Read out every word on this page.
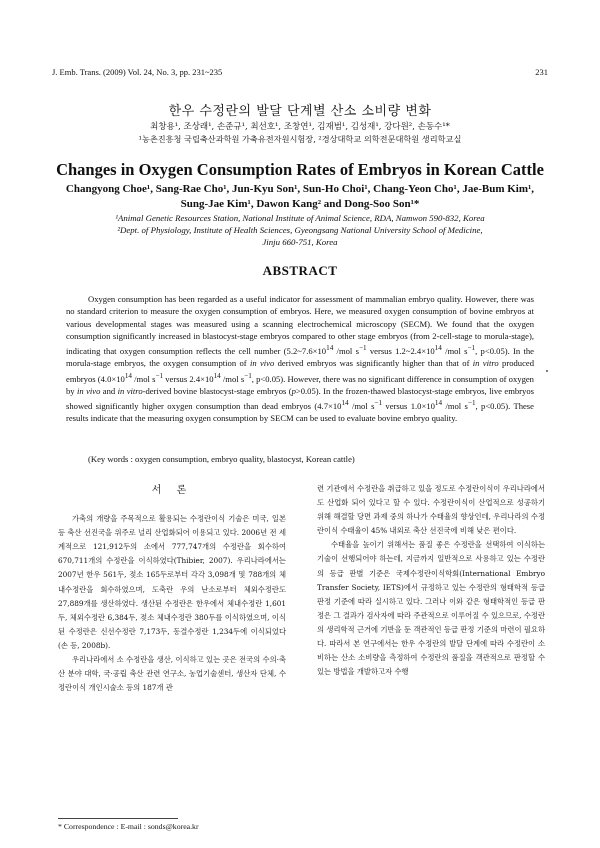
J. Emb. Trans. (2009) Vol. 24, No. 3, pp. 231~235	231
한우 수정란의 발달 단계별 산소 소비량 변화
최창용¹, 조상래¹, 손준규¹, 최선호¹, 조창연¹, 김재범¹, 김성재¹, 강다원², 손동수¹*
¹농촌진흥청 국립축산과학원 가축유전자원시험장, ²경상대학교 의학전문대학원 생리학교실
Changes in Oxygen Consumption Rates of Embryos in Korean Cattle
Changyong Choe¹, Sang-Rae Cho¹, Jun-Kyu Son¹, Sun-Ho Choi¹, Chang-Yeon Cho¹, Jae-Bum Kim¹,
Sung-Jae Kim¹, Dawon Kang² and Dong-Soo Son¹*
¹Animal Genetic Resources Station, National Institute of Animal Science, RDA, Namwon 590-832, Korea
²Dept. of Physiology, Institute of Health Sciences, Gyeongsang National University School of Medicine,
Jinju 660-751, Korea
ABSTRACT
Oxygen consumption has been regarded as a useful indicator for assessment of mammalian embryo quality. However, there was no standard criterion to measure the oxygen consumption of embryos. Here, we measured oxygen consumption of bovine embryos at various developmental stages was measured using a scanning electrochemical microscopy (SECM). We found that the oxygen consumption significantly increased in blastocyst-stage embryos compared to other stage embryos (from 2-cell-stage to morula-stage), indicating that oxygen consumption reflects the cell number ($5.2\sim 7.6\times 10^{14}$ /mol $s^{-1}$ versus $1.2\sim 2.4\times 10^{14}$ /mol $s^{-1}$, p<0.05). In the morula-stage embryos, the oxygen consumption of in vivo derived embryos was significantly higher than that of in vitro produced embryos ($4.0\times 10^{14}$ /mol $s^{-1}$ versus $2.4\times 10^{14}$ /mol $s^{-1}$, p<0.05). However, there was no significant difference in consumption of oxygen by in vivo and in vitro-derived bovine blastocyst-stage embryos (p>0.05). In the frozen-thawed blastocyst-stage embryos, live embryos showed significantly higher oxygen consumption than dead embryos ($4.7\times 10^{14}$ /mol $s^{-1}$ versus $1.0\times 10^{14}$ /mol $s^{-1}$, p<0.05). These results indicate that the measuring oxygen consumption by SECM can be used to evaluate bovine embryo quality.
(Key words : oxygen consumption, embryo quality, blastocyst, Korean cattle)
서 론

가축의 개량을 주목적으로 활용되는 수정란이식 기술은 미국, 일본 등 축산 선진국을 위주로 널리 산업화되어 이용되고 있다. 2006년 전 세계적으로 121,912두의 소에서 777,747개의 수정란을 회수하여 670,711개의 수정란을 이식하였다(Thibier, 2007). 우리나라에서는 2007년 한우 561두, 젖소 165두로부터 각각 3,098개 및 788개의 체내수정란을 회수하였으며, 도축란 우의 난소로부터 체외수정란도 27,889개를 생산하였다. 생산된 수정란은 한우에서 체내수정란 1,601두, 체외수정란 6,384두, 젖소 체내수정란 380두를 이식하였으며, 이식된 수정란은 신선수정란 7,173두, 동결수정란 1,234두에 이식되었다(손 등, 2008b).

우리나라에서 소 수정란을 생산, 이식하고 있는 곳은 전국의 수의·축산 분야 대학, 국·공립 축산 관련 연구소, 농업기술센터, 생산자 단체, 수정란이식 개인시술소 등의 187개 관

련 기관에서 수정란을 취급하고 있을 정도로 수정란이식이 우리나라에서도 산업화 되어 있다고 할 수 있다. 수정란이식이 산업적으로 성공하기 위해 해결할 당면 과제 중의 하나가 수태율의 향상인데, 우리나라의 수정란이식 수태율이 45% 내외로 축산 선진국에 비해 낮은 편이다.

수태율을 높이기 위해서는 품질 좋은 수정란을 선택하여 이식하는 기술이 선행되어야 하는데, 지금까지 일반적으로 사용하고 있는 수정란의 등급 판별 기준은 국제수정란이식학회(International Embryo Transfer Society, IETS)에서 규정하고 있는 수정란의 형태학적 등급 판정 기준에 따라 실시하고 있다. 그러나 이와 같은 형태학적인 등급 판정은 그 결과가 검사자에 따라 주관적으로 이루어질 수 있으므로, 수정란의 생리학적 근거에 기반을 둔 객관적인 등급 판정 기준의 마련이 필요하다. 따라서 본 연구에서는 한우 수정란의 발달 단계에 따라 수정란이 소비하는 산소 소비량을 측정하여 수정란의 품질을 객관적으로 판정할 수 있는 방법을 개발하고자 수행

* Correspondence : E-mail : sonds@korea.kr
